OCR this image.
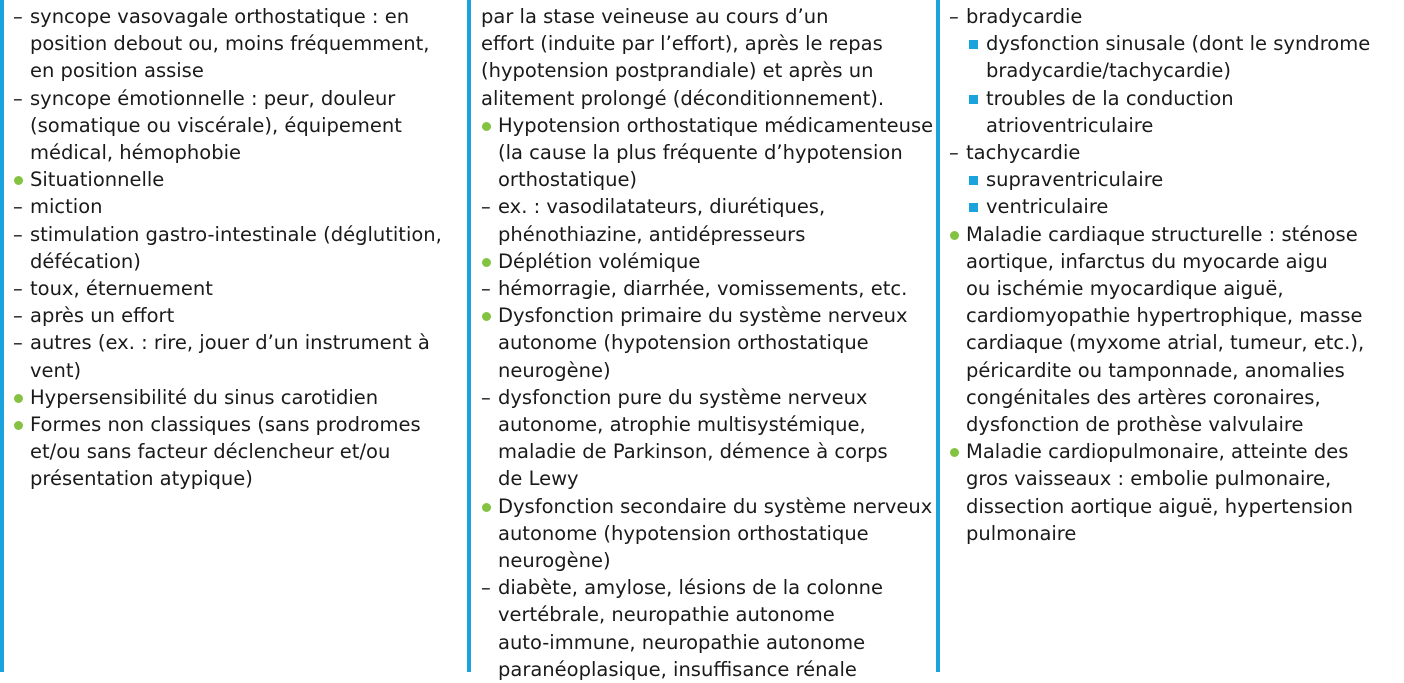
– syncope vasovagale orthostatique : en
position debout ou, moins fréquemment,
en position assise
– syncope émotionnelle : peur, douleur
(somatique ou viscérale), équipement
médical, hémophobie
Situationnelle
– miction
– stimulation gastro-intestinale (déglutition,
défécation)
– toux, éternuement
– après un effort
– autres (ex. : rire, jouer d’un instrument à
vent)
Hypersensibilité du sinus carotidien
Formes non classiques (sans prodromes
et/ou sans facteur déclencheur et/ou
présentation atypique)
par la stase veineuse au cours d’un
effort (induite par l’effort), après le repas
(hypotension postprandiale) et après un
alitement prolongé (déconditionnement).
Hypotension orthostatique médicamenteuse
(la cause la plus fréquente d’hypotension
orthostatique)
– ex. : vasodilatateurs, diurétiques,
phénothiazine, antidépresseurs
Déplétion volémique
– hémorragie, diarrhée, vomissements, etc.
Dysfonction primaire du système nerveux
autonome (hypotension orthostatique
neurogène)
– dysfonction pure du système nerveux
autonome, atrophie multisystémique,
maladie de Parkinson, démence à corps
de Lewy
Dysfonction secondaire du système nerveux
autonome (hypotension orthostatique
neurogène)
– diabète, amylose, lésions de la colonne
vertébrale, neuropathie autonome
auto-immune, neuropathie autonome
paranéoplasique, insuffisance rénale
– bradycardie
dysfonction sinusale (dont le syndrome
bradycardie/tachycardie)
troubles de la conduction
atrioventriculaire
– tachycardie
supraventriculaire
ventriculaire
Maladie cardiaque structurelle : sténose
aortique, infarctus du myocarde aigu
ou ischémie myocardique aiguë,
cardiomyopathie hypertrophique, masse
cardiaque (myxome atrial, tumeur, etc.),
péricardite ou tamponnade, anomalies
congénitales des artères coronaires,
dysfonction de prothèse valvulaire
Maladie cardiopulmonaire, atteinte des
gros vaisseaux : embolie pulmonaire,
dissection aortique aiguë, hypertension
pulmonaire
